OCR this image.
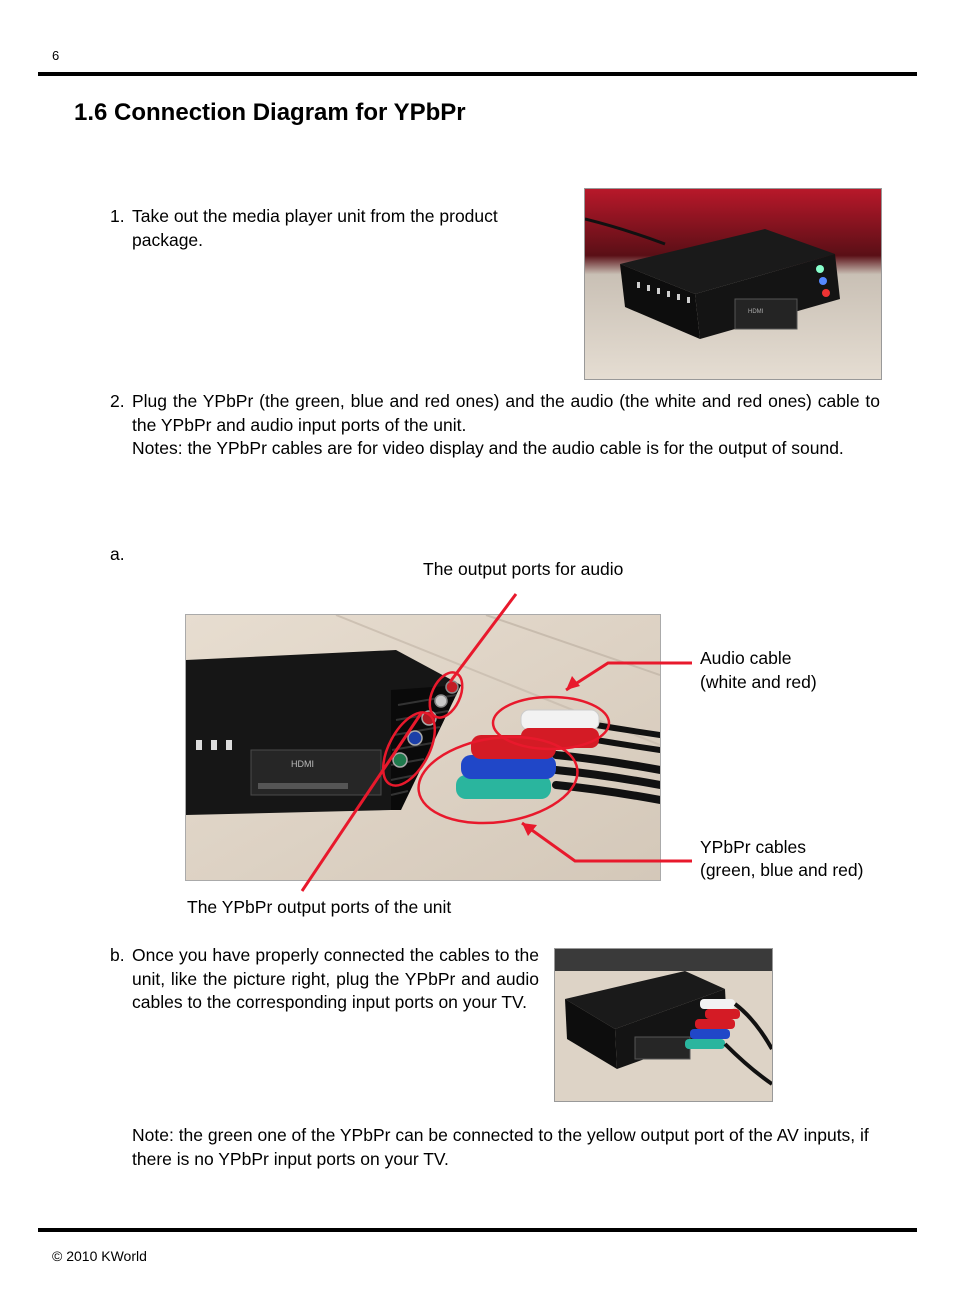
6
1.6 Connection Diagram for YPbPr
1. Take out the media player unit from the product package.
HDMI
2. Plug the YPbPr (the green, blue and red ones) and the audio (the white and red ones) cable to the YPbPr and audio input ports of the unit.
Notes: the YPbPr cables are for video display and the audio cable is for the output of sound.
a.
The output ports for audio
Audio cable
(white and red)
YPbPr cables
(green, blue and red)
The YPbPr output ports of the unit
HDMI
b. Once you have properly connected the cables to the unit, like the picture right, plug the YPbPr and audio cables to the corresponding input ports on your TV.
Note: the green one of the YPbPr can be connected to the yellow output port of the AV inputs, if there is no YPbPr input ports on your TV.
© 2010 KWorld
